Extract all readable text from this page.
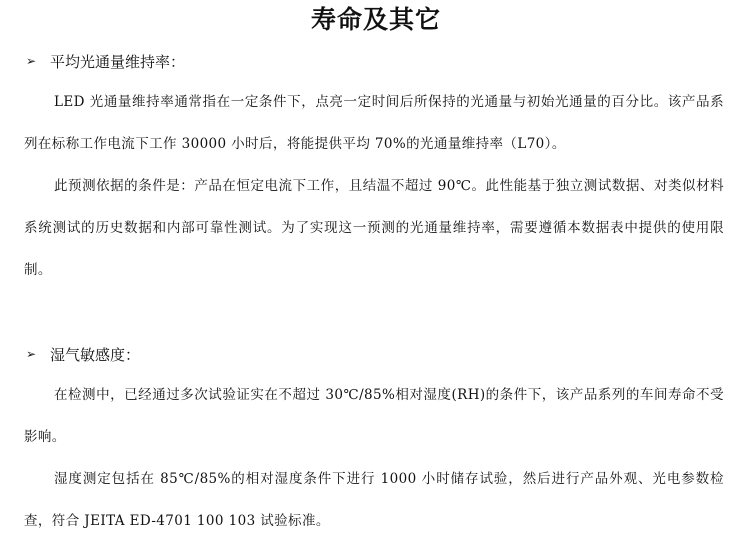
寿命及其它
➢ 平均光通量维持率：
LED 光通量维持率通常指在一定条件下，点亮一定时间后所保持的光通量与初始光通量的百分比。该产品系列在标称工作电流下工作 30000 小时后，将能提供平均 70%的光通量维持率（L70）。
此预测依据的条件是：产品在恒定电流下工作，且结温不超过 90℃。此性能基于独立测试数据、对类似材料系统测试的历史数据和内部可靠性测试。为了实现这一预测的光通量维持率，需要遵循本数据表中提供的使用限制。
➢ 湿气敏感度：
在检测中，已经通过多次试验证实在不超过 30℃/85%相对湿度(RH)的条件下，该产品系列的车间寿命不受影响。
湿度测定包括在 85℃/85%的相对湿度条件下进行 1000 小时储存试验，然后进行产品外观、光电参数检查，符合 JEITA ED-4701 100 103 试验标准。
